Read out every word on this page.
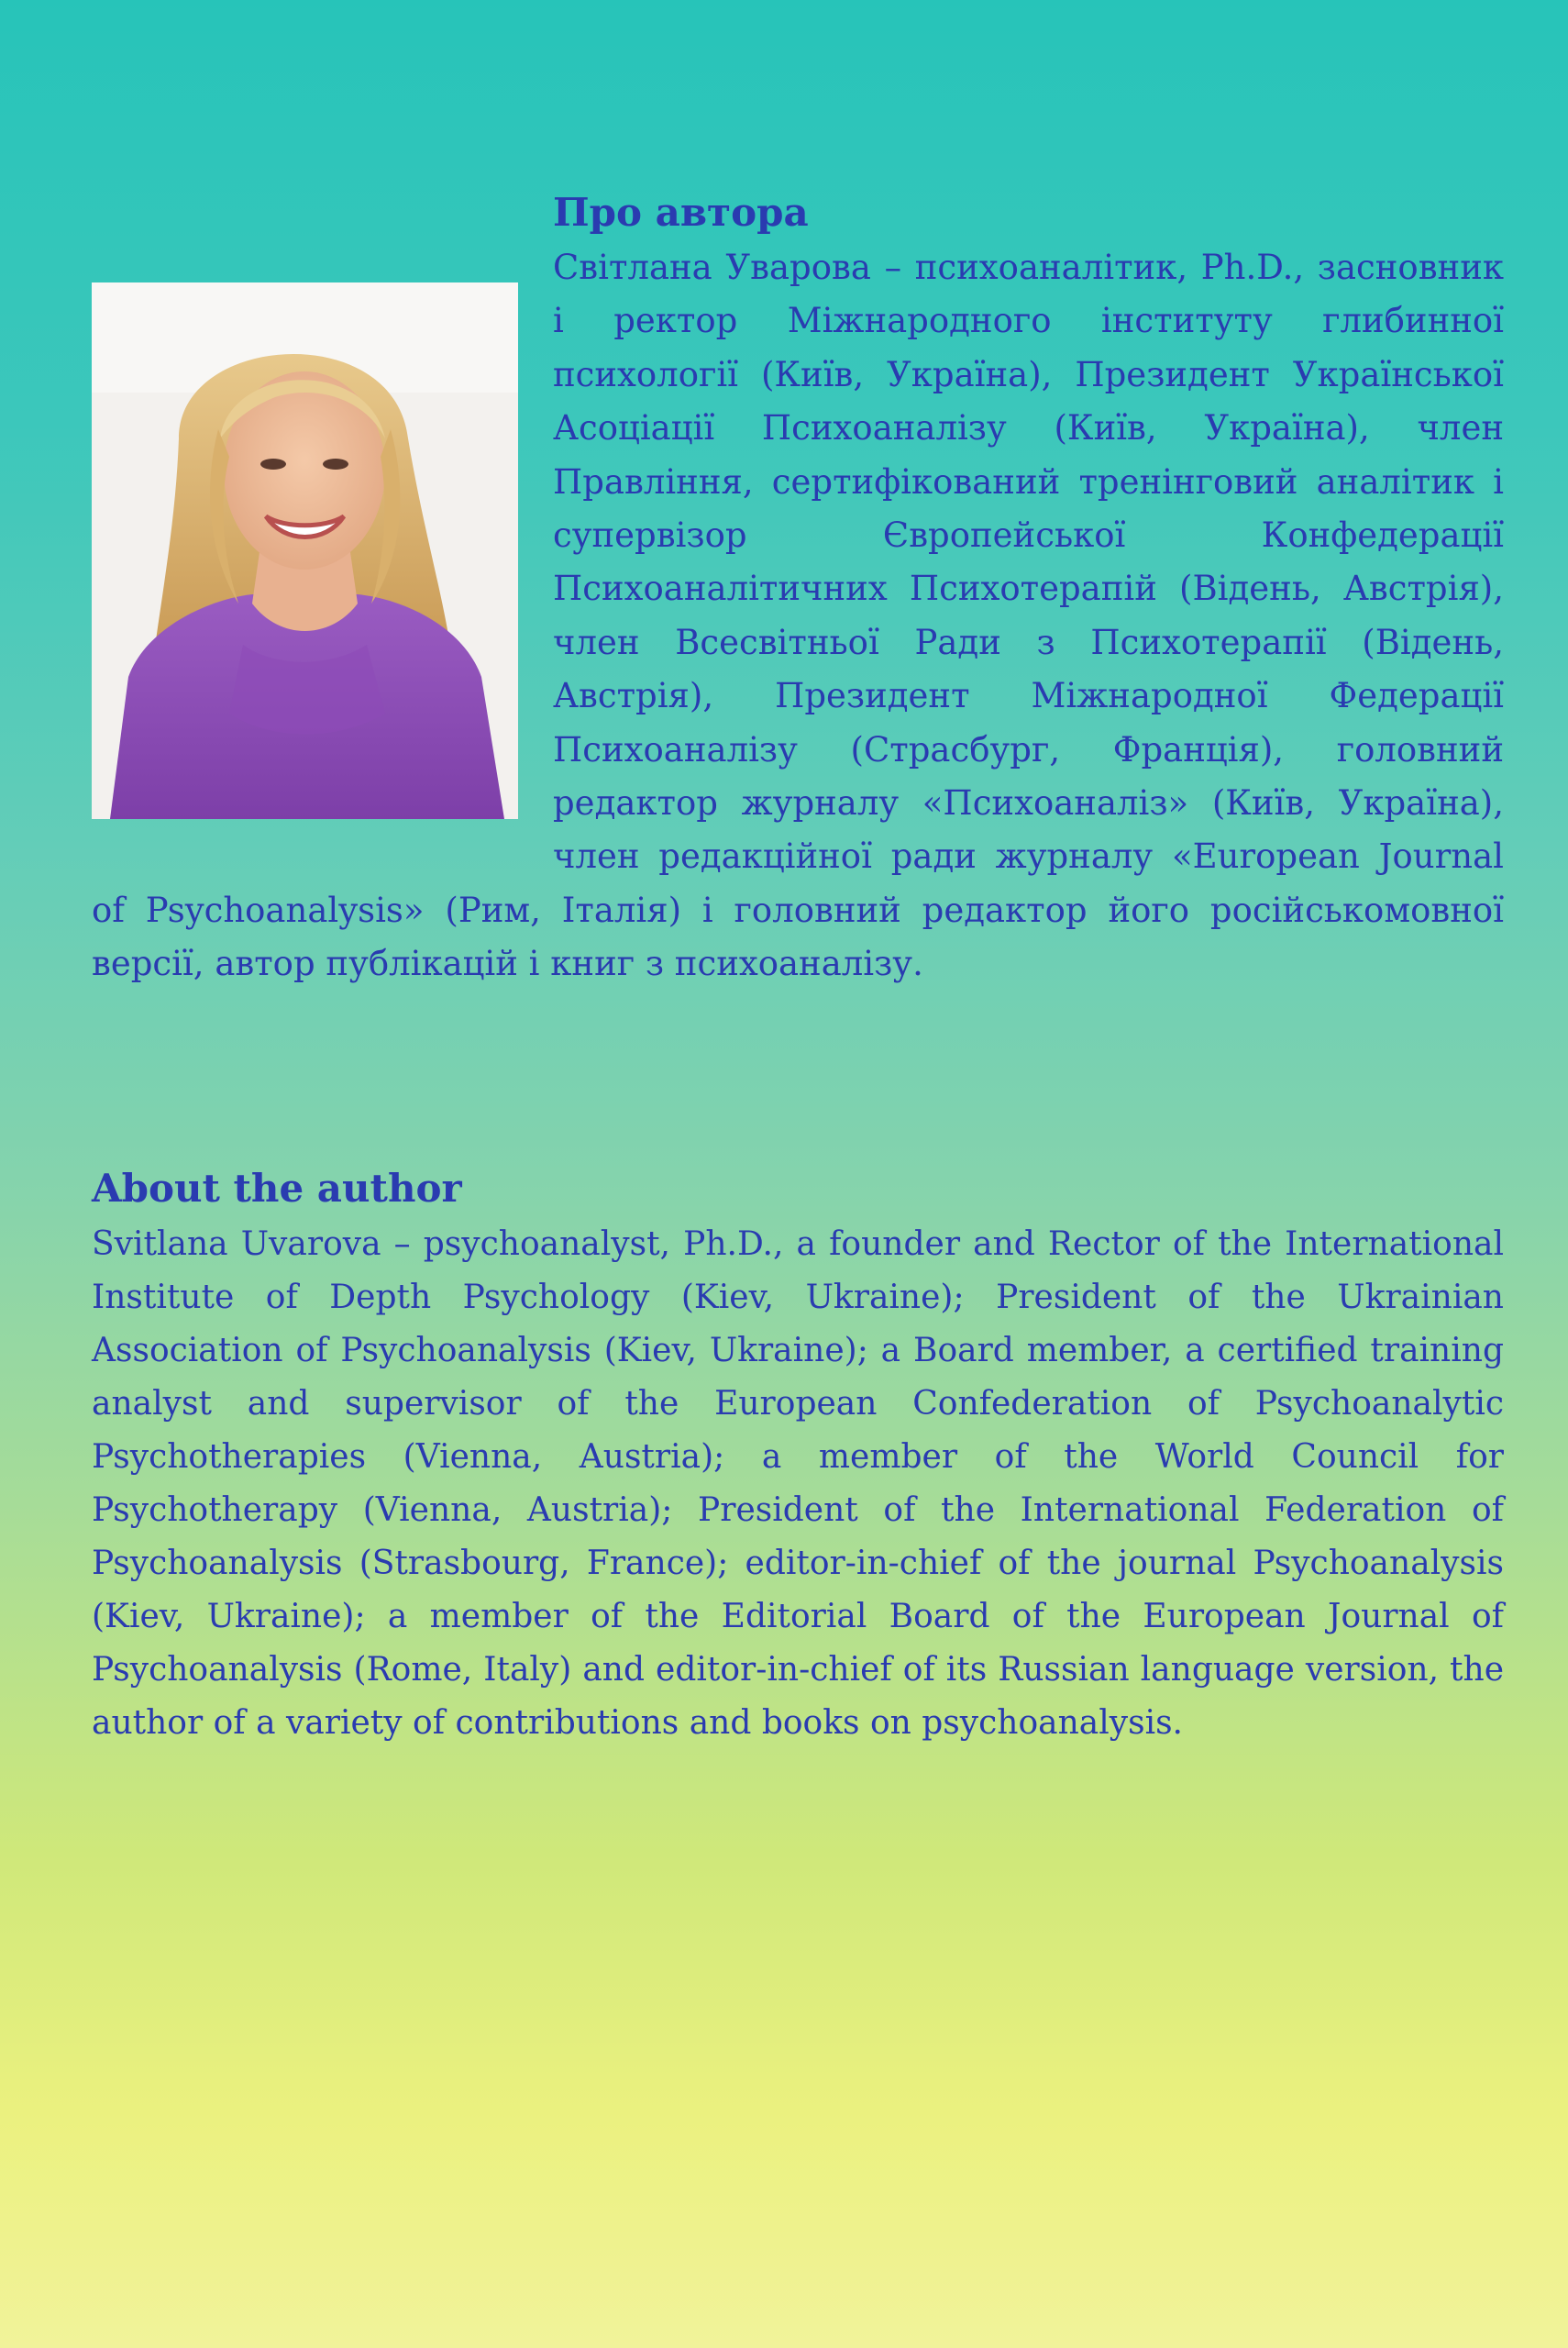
Про автора

Світлана Уварова – психоаналітик, Ph.D., засновник і ректор Міжнародного інституту глибинної психології (Київ, Україна), Президент Української Асоціації Психоаналізу (Київ, Україна), член Правління, сертифікований тренінговий аналітик і супервізор Європейської Конфедерації Психоаналітичних Психотерапій (Відень, Австрія), член Всесвітньої Ради з Психотерапії (Відень, Австрія), Президент Міжнародної Федерації Психоаналізу (Страсбург, Франція), головний редактор журналу «Психоаналіз» (Київ, Україна), член редакційної ради журналу «European Journal of Psychoanalysis» (Рим, Італія) і головний редактор його російськомовної версії, автор публікацій і книг з психоаналізу.

About the author

Svitlana Uvarova – psychoanalyst, Ph.D., a founder and Rector of the International Institute of Depth Psychology (Kiev, Ukraine); President of the Ukrainian Association of Psychoanalysis (Kiev, Ukraine); a Board member, a certified training analyst and supervisor of the European Confederation of Psychoanalytic Psychotherapies (Vienna, Austria); a member of the World Council for Psychotherapy (Vienna, Austria); President of the International Federation of Psychoanalysis (Strasbourg, France); editor-in-chief of the journal Psychoanalysis (Kiev, Ukraine); a member of the Editorial Board of the European Journal of Psychoanalysis (Rome, Italy) and editor-in-chief of its Russian language version, the author of a variety of contributions and books on psychoanalysis.
